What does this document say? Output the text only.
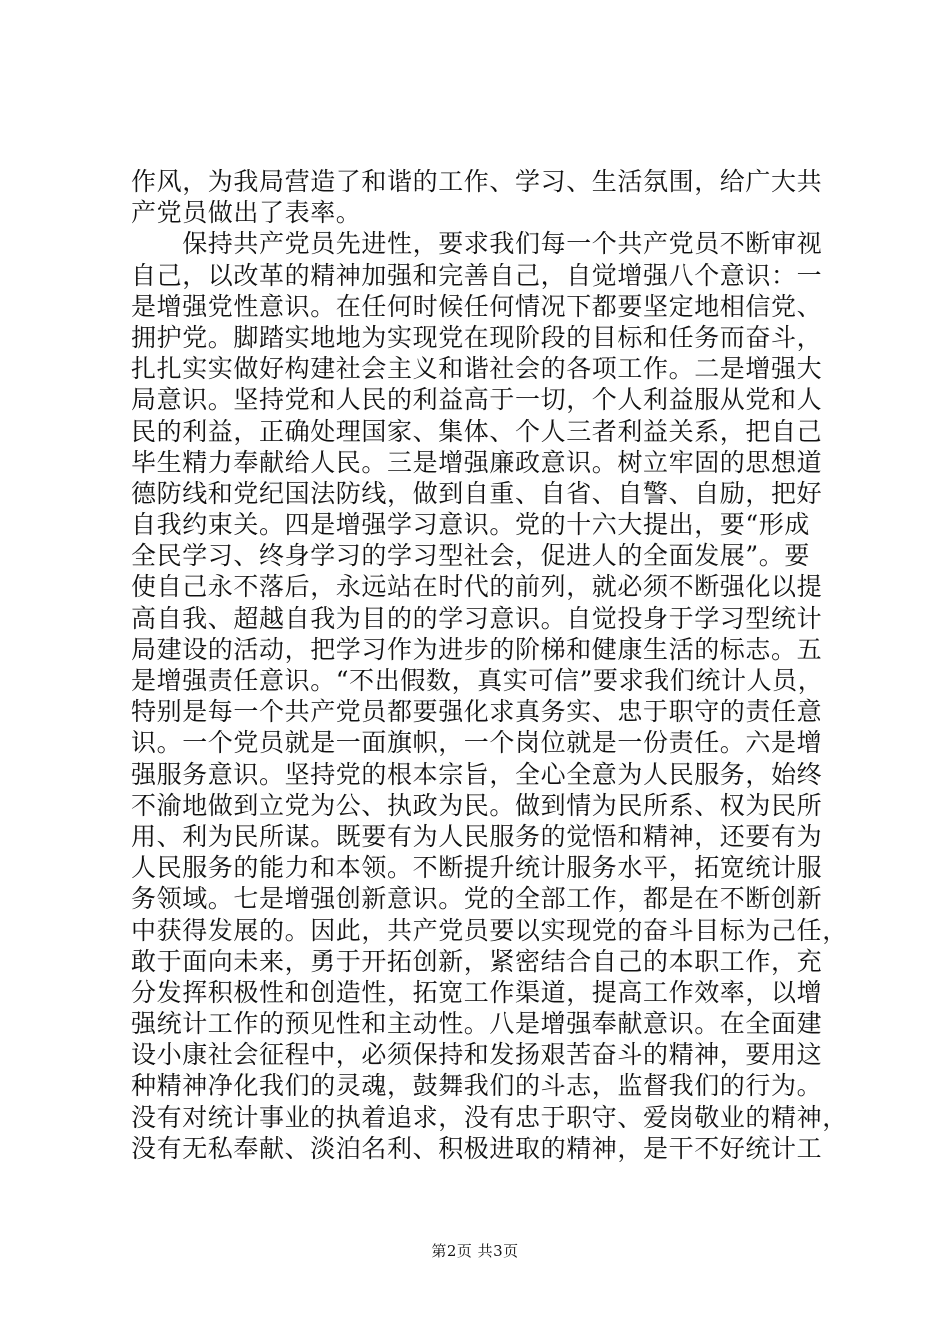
作风，为我局营造了和谐的工作、学习、生活氛围，给广大共
产党员做出了表率。
　　保持共产党员先进性，要求我们每一个共产党员不断审视
自己，以改革的精神加强和完善自己，自觉增强八个意识：一
是增强党性意识。在任何时候任何情况下都要坚定地相信党、
拥护党。脚踏实地地为实现党在现阶段的目标和任务而奋斗，
扎扎实实做好构建社会主义和谐社会的各项工作。二是增强大
局意识。坚持党和人民的利益高于一切，个人利益服从党和人
民的利益，正确处理国家、集体、个人三者利益关系，把自己
毕生精力奉献给人民。三是增强廉政意识。树立牢固的思想道
德防线和党纪国法防线，做到自重、自省、自警、自励，把好
自我约束关。四是增强学习意识。党的十六大提出，要“形成
全民学习、终身学习的学习型社会，促进人的全面发展”。要
使自己永不落后，永远站在时代的前列，就必须不断强化以提
高自我、超越自我为目的的学习意识。自觉投身于学习型统计
局建设的活动，把学习作为进步的阶梯和健康生活的标志。五
是增强责任意识。“不出假数，真实可信”要求我们统计人员，
特别是每一个共产党员都要强化求真务实、忠于职守的责任意
识。一个党员就是一面旗帜，一个岗位就是一份责任。六是增
强服务意识。坚持党的根本宗旨，全心全意为人民服务，始终
不渝地做到立党为公、执政为民。做到情为民所系、权为民所
用、利为民所谋。既要有为人民服务的觉悟和精神，还要有为
人民服务的能力和本领。不断提升统计服务水平，拓宽统计服
务领域。七是增强创新意识。党的全部工作，都是在不断创新
中获得发展的。因此，共产党员要以实现党的奋斗目标为己任，
敢于面向未来，勇于开拓创新，紧密结合自己的本职工作，充
分发挥积极性和创造性，拓宽工作渠道，提高工作效率，以增
强统计工作的预见性和主动性。八是增强奉献意识。在全面建
设小康社会征程中，必须保持和发扬艰苦奋斗的精神，要用这
种精神净化我们的灵魂，鼓舞我们的斗志，监督我们的行为。
没有对统计事业的执着追求，没有忠于职守、爱岗敬业的精神，
没有无私奉献、淡泊名利、积极进取的精神，是干不好统计工
第2页 共3页
